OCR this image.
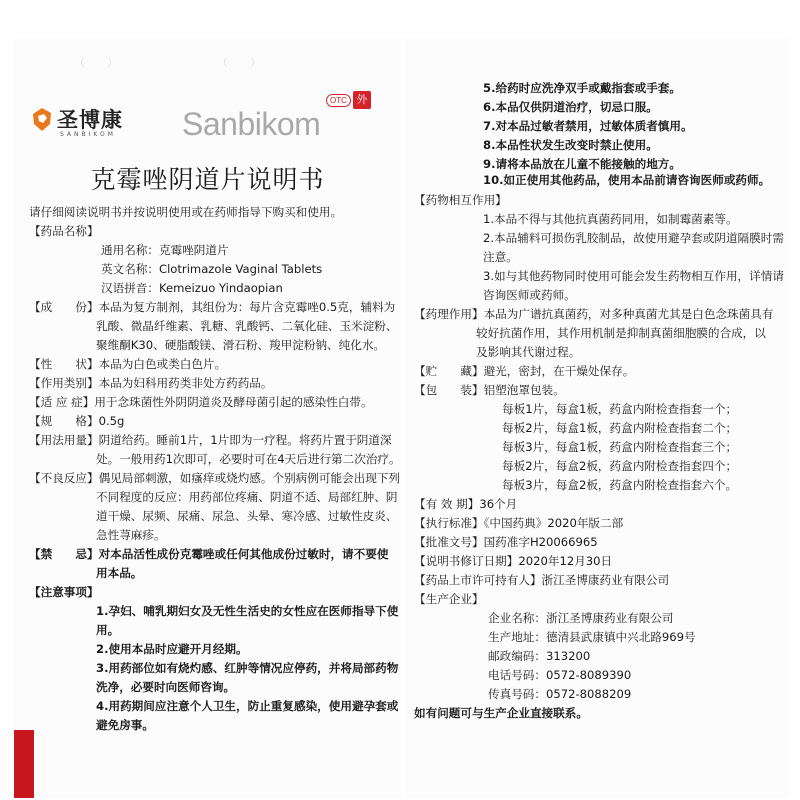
（　　）　　　　　　　　　　（　　）

圣博康
SANBIKOM Sanbikom
OTC 外
克霉唑阴道片说明书
请仔细阅读说明书并按说明使用或在药师指导下购买和使用。
【药品名称】
通用名称：克霉唑阴道片
英文名称：Clotrimazole Vaginal Tablets
汉语拼音：Kemeizuo Yindaopian
【成　　份】本品为复方制剂，其组份为：每片含克霉唑0.5克，辅料为
乳酸、微晶纤维素、乳糖、乳酸钙、二氧化硅、玉米淀粉、
聚维酮K30、硬脂酸镁、滑石粉、羧甲淀粉钠、纯化水。
【性　　状】本品为白色或类白色片。
【作用类别】本品为妇科用药类非处方药药品。
【适 应 症】用于念珠菌性外阴阴道炎及酵母菌引起的感染性白带。
【规　　格】0.5g
【用法用量】阴道给药。睡前1片，1片即为一疗程。将药片置于阴道深
处。一般用药1次即可，必要时可在4天后进行第二次治疗。
【不良反应】偶见局部刺激，如瘙痒或烧灼感。个别病例可能会出现下列
不同程度的反应：用药部位疼痛、阴道不适、局部红肿、阴
道干燥、尿频、尿痛、尿急、头晕、寒冷感、过敏性皮炎、
急性荨麻疹。
【禁　　忌】对本品活性成份克霉唑或任何其他成份过敏时，请不要使
用本品。
【注意事项】
1.孕妇、哺乳期妇女及无性生活史的女性应在医师指导下使
用。
2.使用本品时应避开月经期。
3.用药部位如有烧灼感、红肿等情况应停药，并将局部药物
洗净，必要时向医师咨询。
4.用药期间应注意个人卫生，防止重复感染，使用避孕套或
避免房事。
5.给药时应洗净双手或戴指套或手套。
6.本品仅供阴道治疗，切忌口服。
7.对本品过敏者禁用，过敏体质者慎用。
8.本品性状发生改变时禁止使用。
9.请将本品放在儿童不能接触的地方。
10.如正使用其他药品，使用本品前请咨询医师或药师。
【药物相互作用】
1.本品不得与其他抗真菌药同用，如制霉菌素等。
2.本品辅料可损伤乳胶制品，故使用避孕套或阴道隔膜时需
注意。
3.如与其他药物同时使用可能会发生药物相互作用，详情请
咨询医师或药师。
【药理作用】本品为广谱抗真菌药，对多种真菌尤其是白色念珠菌具有
较好抗菌作用，其作用机制是抑制真菌细胞膜的合成，以
及影响其代谢过程。
【贮　　藏】避光，密封，在干燥处保存。
【包　　装】铝塑泡罩包装。
每板1片，每盒1板，药盒内附检查指套一个；
每板2片，每盒1板，药盒内附检查指套二个；
每板3片，每盒1板，药盒内附检查指套三个；
每板2片，每盒2板，药盒内附检查指套四个；
每板3片，每盒2板，药盒内附检查指套六个。
【有 效 期】36个月
【执行标准】《中国药典》2020年版二部
【批准文号】国药准字H20066965
【说明书修订日期】2020年12月30日
【药品上市许可持有人】浙江圣博康药业有限公司
【生产企业】
企业名称：浙江圣博康药业有限公司
生产地址：德清县武康镇中兴北路969号
邮政编码：313200
电话号码：0572-8089390
传真号码：0572-8088209
如有问题可与生产企业直接联系。
